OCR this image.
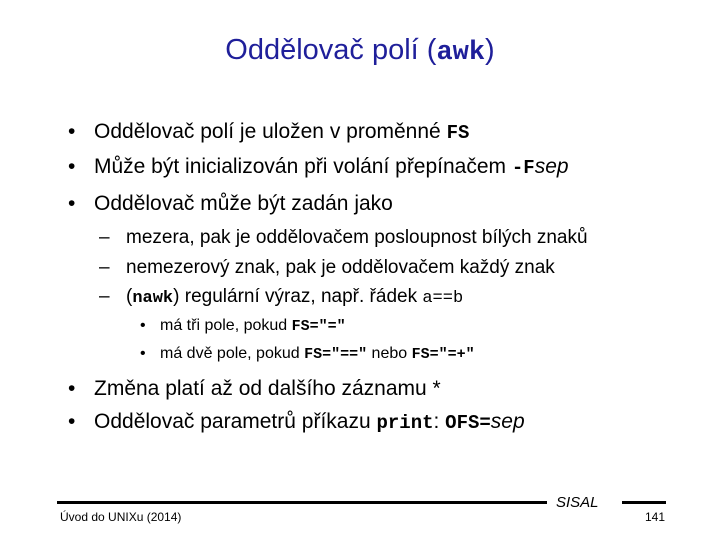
Oddělovač polí (awk)
• Oddělovač polí je uložen v proměnné FS
• Může být inicializován při volání přepínačem -Fsep
• Oddělovač může být zadán jako
– mezera, pak je oddělovačem posloupnost bílých znaků
– nemezerový znak, pak je oddělovačem každý znak
– (nawk) regulární výraz, např. řádek a==b
• má tři pole, pokud FS="="
• má dvě pole, pokud FS="==" nebo FS="=+"
• Změna platí až od dalšího záznamu *
• Oddělovač parametrů příkazu print: OFS=sep
Úvod do UNIXu (2014)
SISAL
141
